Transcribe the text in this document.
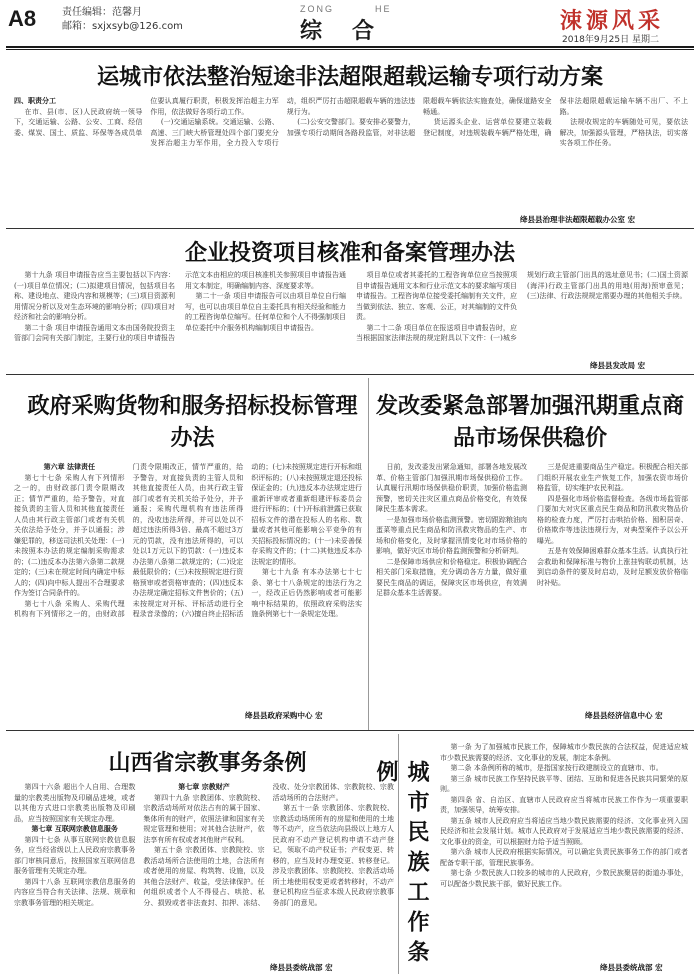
A8	责任编辑：范馨月
邮箱：sxjxsyb@126.com
ZONG	HE
综合	涑源风采
2018年9月25日 星期二
运城市依法整治短途非法超限超载运输专项行动方案

四、职责分工

在市、县(市、区)人民政府统一领导下，交通运输、公路、公安、工商、经信委、煤炭、国土、质监、环保等各成员单位要认真履行职责，积极发挥治超主力军作用，依法做好各项行动工作。

(一)交通运输系统。交通运输、公路、高速、三门峡大桥管理处四个部门要充分发挥治超主力军作用，全力投入专项行动，组织严厉打击超限超载车辆的违法违规行为。

(二)公安交警部门。要安排必要警力，加强专项行动期间各路段监管，对非法超限超载车辆依法实施查处，确保道路安全畅通。

货运源头企业、运营单位要建立装载登记制度，对违规装载车辆严格处理，确保非法超限超载运输车辆不出厂、不上路。

法规收规定的车辆随处可见，要依法解决，加强源头管理，严格执法，切实落实各项工作任务。

绛县县治理非法超限超载办公室 宏
企业投资项目核准和备案管理办法

第十九条 项目申请报告应当主要包括以下内容：(一)项目单位情况；(二)拟建项目情况，包括项目名称、建设地点、建设内容和规模等；(三)项目资源利用情况分析以及对生态环境的影响分析；(四)项目对经济和社会的影响分析。

第二十条 项目申请报告通用文本由国务院投资主管部门会同有关部门制定，主要行业的项目申请报告示范文本由相应的项目核准机关参照项目申请报告通用文本制定，明确编制内容、深度要求等。

第二十一条 项目申请报告可以由项目单位自行编写，也可以由项目单位自主委托具有相关经验和能力的工程咨询单位编写。任何单位和个人不得强制项目单位委托中介服务机构编制项目申请报告。

项目单位或者其委托的工程咨询单位应当按照项目申请报告通用文本和行业示范文本的要求编写项目申请报告。工程咨询单位接受委托编制有关文件，应当做到依法、独立、客观、公正，对其编制的文件负责。

第二十二条 项目单位在报送项目申请报告时，应当根据国家法律法规的规定附具以下文件：(一)城乡规划行政主管部门出具的选址意见书；(二)国土资源(海洋)行政主管部门出具的用地(用海)预审意见；(三)法律、行政法规规定需要办理的其他相关手续。

绛县县发改局 宏
政府采购货物和服务招标投标管理办法

第六章 法律责任

第七十七条 采购人有下列情形之一的，由财政部门责令限期改正；情节严重的，给予警告，对直接负责的主管人员和其他直接责任人员由其行政主管部门或者有关机关依法给予处分，并予以通报；涉嫌犯罪的，移送司法机关处理：(一)未按照本办法的规定编制采购需求的；(二)违反本办法第六条第二款规定的；(三)未在规定时间内确定中标人的；(四)向中标人提出不合理要求作为签订合同条件的。

第七十八条 采购人、采购代理机构有下列情形之一的，由财政部门责令限期改正，情节严重的，给予警告，对直接负责的主管人员和其他直接责任人员，由其行政主管部门或者有关机关给予处分，并予通报；采购代理机构有违法所得的，没收违法所得，并可以处以不超过违法所得3倍、最高不超过3万元的罚款，没有违法所得的，可以处以1万元以下的罚款：(一)违反本办法第八条第二款规定的；(二)设定最低限价的；(三)未按照规定进行资格预审或者资格审查的；(四)违反本办法规定确定招标文件售价的；(五)未按规定对开标、评标活动进行全程录音录像的；(六)擅自终止招标活动的；(七)未按照规定进行开标和组织评标的；(八)未按照规定退还投标保证金的；(九)违反本办法规定进行重新评审或者重新组建评标委员会进行评标的；(十)开标前泄露已获取招标文件的潜在投标人的名称、数量或者其他可能影响公平竞争的有关招标投标情况的；(十一)未妥善保存采购文件的；(十二)其他违反本办法规定的情形。

第七十九条 有本办法第七十七条、第七十八条规定的违法行为之一，经改正后仍然影响或者可能影响中标结果的，依照政府采购法实施条例第七十一条规定处理。

绛县县政府采购中心 宏
发改委紧急部署加强汛期重点商品市场保供稳价

日前，发改委发出紧急通知，部署各地发展改革、价格主管部门加强汛期市场保供稳价工作。认真履行汛期市场保供稳价职责，加强价格监测预警，密切关注灾区重点商品价格变化，有效保障民生基本需求。

一是加强市场价格监测预警。密切跟踪粮油肉蛋菜等重点民生商品和防汛救灾物品的生产、市场和价格变化，及时掌握汛情变化对市场价格的影响，做好灾区市场价格监测预警和分析研判。

二是保障市场供应和价格稳定。积极协调配合相关部门采取措施，充分调动各方力量，做好重要民生商品的调运，保障灾区市场供应，有效满足群众基本生活需要。

三是促进重要商品生产稳定。积极配合相关部门组织开展农业生产恢复工作，加强农资市场价格监管，切实维护农民利益。

四是强化市场价格监督检查。各级市场监管部门要加大对灾区重点民生商品和防汛救灾物品价格的检查力度，严厉打击哄抬价格、囤积居奇、价格欺诈等违法违规行为，对典型案件予以公开曝光。

五是有效保障困难群众基本生活。认真执行社会救助和保障标准与物价上涨挂钩联动机制，达到启动条件的要及时启动，及时足额发放价格临时补贴。

绛县县经济信息中心 宏
山西省宗教事务条例

第四十六条 超出个人自用、合理数量的宗教类出版物及印刷品进境，或者以其他方式进口宗教类出版物及印刷品，应当按照国家有关规定办理。

第七章 互联网宗教信息服务

第四十七条 从事互联网宗教信息服务，应当经省级以上人民政府宗教事务部门审核同意后，按照国家互联网信息服务管理有关规定办理。

第四十八条 互联网宗教信息服务的内容应当符合有关法律、法规、规章和宗教事务管理的相关规定。

第七章 宗教财产

第四十九条 宗教团体、宗教院校、宗教活动场所对依法占有的属于国家、集体所有的财产，依照法律和国家有关规定管理和使用；对其他合法财产，依法享有所有权或者其他财产权利。

第五十条 宗教团体、宗教院校、宗教活动场所合法使用的土地，合法所有或者使用的房屋、构筑物、设施，以及其他合法财产、收益，受法律保护。任何组织或者个人不得侵占、哄抢、私分、损毁或者非法查封、扣押、冻结、没收、处分宗教团体、宗教院校、宗教活动场所的合法财产。

第五十一条 宗教团体、宗教院校、宗教活动场所所有的房屋和使用的土地等不动产，应当依法向县级以上地方人民政府不动产登记机构申请不动产登记，领取不动产权证书；产权变更、转移的，应当及时办理变更、转移登记。涉及宗教团体、宗教院校、宗教活动场所土地使用权变更或者转移时，不动产登记机构应当征求本级人民政府宗教事务部门的意见。

绛县县委统战部 宏	城市民族工作条例

第一条 为了加强城市民族工作，保障城市少数民族的合法权益，促进适应城市少数民族需要的经济、文化事业的发展，制定本条例。

第二条 本条例所称的城市，是指国家按行政建制设立的直辖市、市。

第三条 城市民族工作坚持民族平等、团结、互助和促进各民族共同繁荣的原则。

第四条 省、自治区、直辖市人民政府应当将城市民族工作作为一项重要职责，加强领导，统筹安排。

第五条 城市人民政府应当将适应当地少数民族需要的经济、文化事业列入国民经济和社会发展计划。城市人民政府对于发展适应当地少数民族需要的经济、文化事业的资金，可以根据财力给予适当照顾。

第六条 城市人民政府根据实际情况，可以确定负责民族事务工作的部门或者配备专职干部，管理民族事务。

第七条 少数民族人口较多的城市的人民政府，少数民族聚居的街道办事处，可以配备少数民族干部，做好民族工作。

绛县县委统战部 宏
